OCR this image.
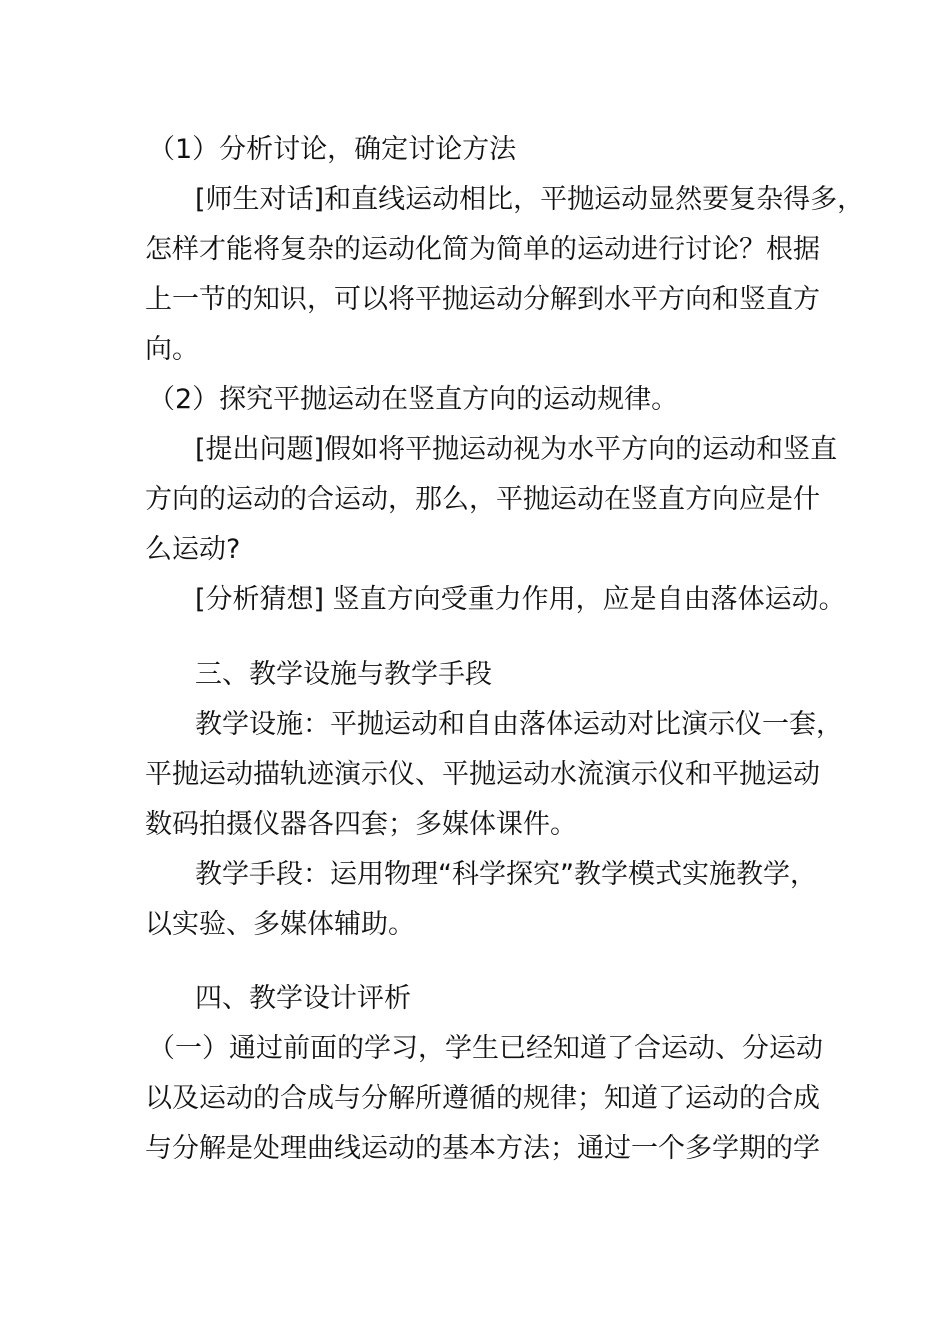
（1）分析讨论，确定讨论方法
[师生对话]和直线运动相比，平抛运动显然要复杂得多，
怎样才能将复杂的运动化简为简单的运动进行讨论？根据
上一节的知识，可以将平抛运动分解到水平方向和竖直方
向。
（2）探究平抛运动在竖直方向的运动规律。
[提出问题]假如将平抛运动视为水平方向的运动和竖直
方向的运动的合运动，那么，平抛运动在竖直方向应是什
么运动?
[分析猜想] 竖直方向受重力作用，应是自由落体运动。
三、教学设施与教学手段
教学设施：平抛运动和自由落体运动对比演示仪一套，
平抛运动描轨迹演示仪、平抛运动水流演示仪和平抛运动
数码拍摄仪器各四套；多媒体课件。
教学手段：运用物理“科学探究”教学模式实施教学，
以实验、多媒体辅助。
四、教学设计评析
（一）通过前面的学习，学生已经知道了合运动、分运动
以及运动的合成与分解所遵循的规律；知道了运动的合成
与分解是处理曲线运动的基本方法；通过一个多学期的学
